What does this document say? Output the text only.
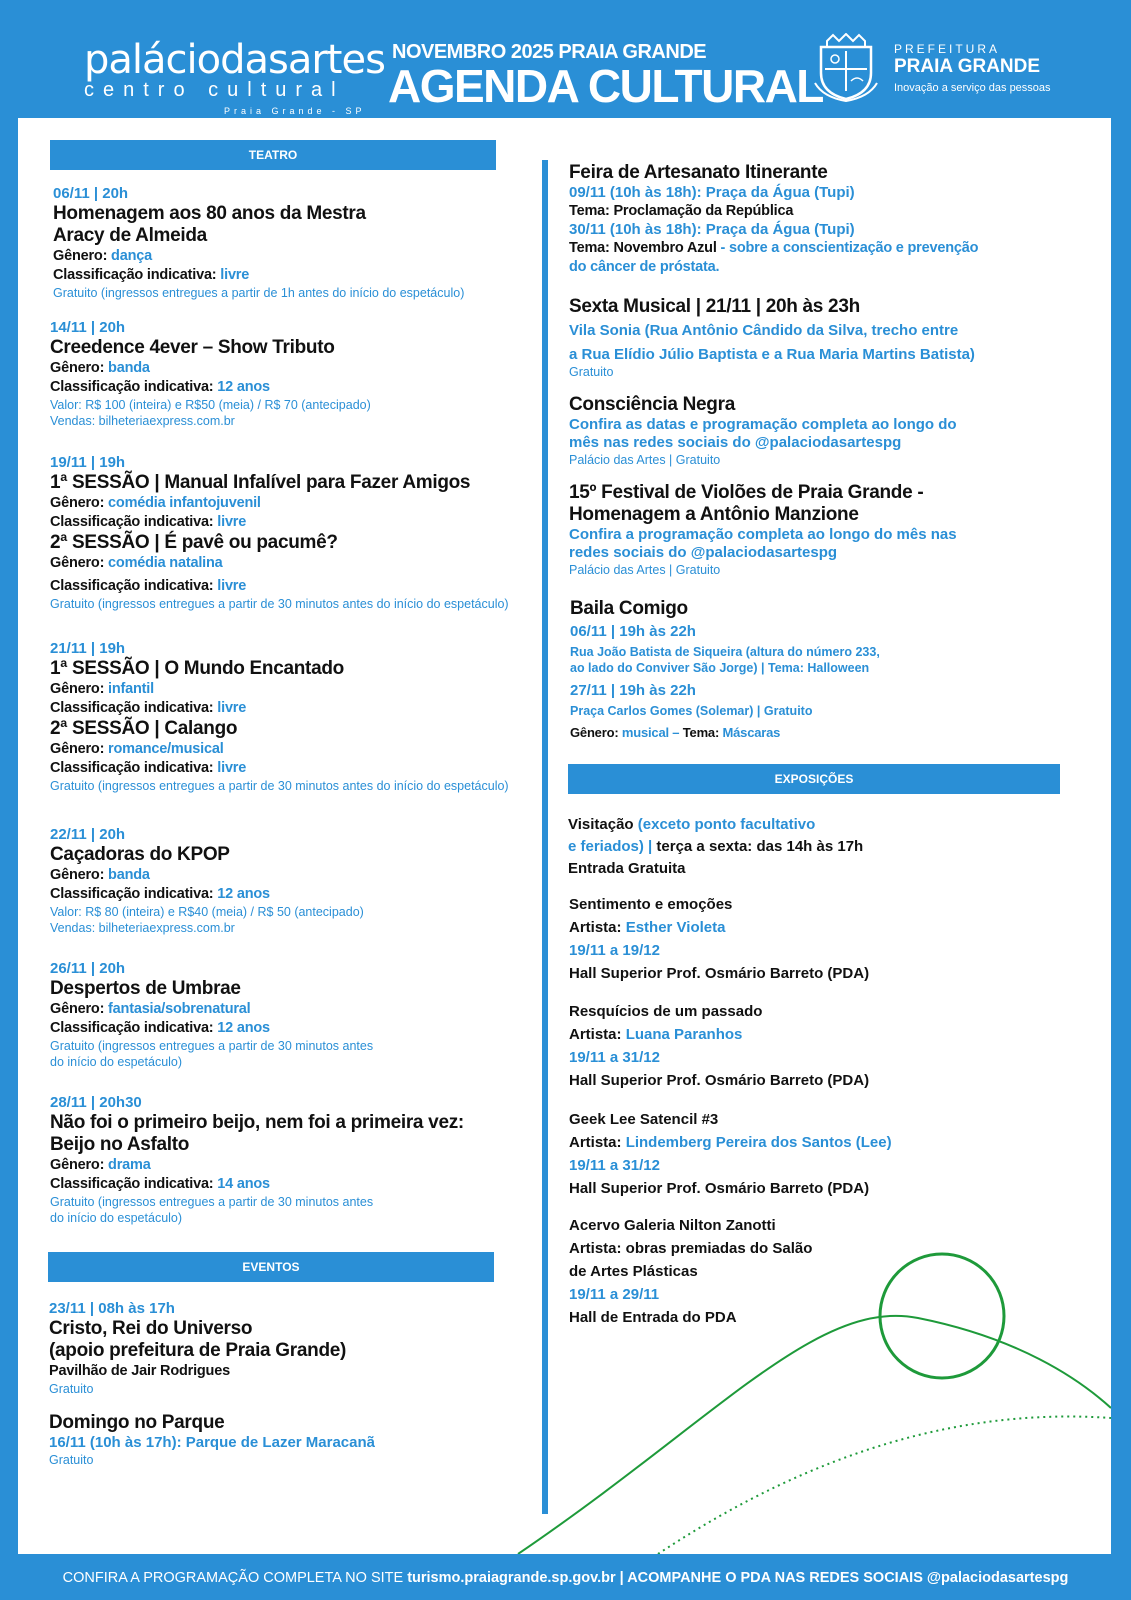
paláciodasartes
centro cultural
Praia Grande - SP
NOVEMBRO 2025 PRAIA GRANDE
AGENDA CULTURAL
PREFEITURA
PRAIA GRANDE
Inovação a serviço das pessoas
TEATRO
EVENTOS
EXPOSIÇÕES
06/11 | 20h
Homenagem aos 80 anos da Mestra
Aracy de Almeida
Gênero: dança
Classificação indicativa: livre
Gratuito (ingressos entregues a partir de 1h antes do início do espetáculo)
14/11 | 20h
Creedence 4ever – Show Tributo
Gênero: banda
Classificação indicativa: 12 anos
Valor: R$ 100 (inteira) e R$50 (meia) / R$ 70 (antecipado)
Vendas: bilheteriaexpress.com.br
19/11 | 19h
1ª SESSÃO | Manual Infalível para Fazer Amigos
Gênero: comédia infantojuvenil
Classificação indicativa: livre
2ª SESSÃO | É pavê ou pacumê?
Gênero: comédia natalina
Classificação indicativa: livre
Gratuito (ingressos entregues a partir de 30 minutos antes do início do espetáculo)
21/11 | 19h
1ª SESSÃO | O Mundo Encantado
Gênero: infantil
Classificação indicativa: livre
2ª SESSÃO | Calango
Gênero: romance/musical
Classificação indicativa: livre
Gratuito (ingressos entregues a partir de 30 minutos antes do início do espetáculo)
22/11 | 20h
Caçadoras do KPOP
Gênero: banda
Classificação indicativa: 12 anos
Valor: R$ 80 (inteira) e R$40 (meia) / R$ 50 (antecipado)
Vendas: bilheteriaexpress.com.br
26/11 | 20h
Despertos de Umbrae
Gênero: fantasia/sobrenatural
Classificação indicativa: 12 anos
Gratuito (ingressos entregues a partir de 30 minutos antes
do início do espetáculo)
28/11 | 20h30
Não foi o primeiro beijo, nem foi a primeira vez:
Beijo no Asfalto
Gênero: drama
Classificação indicativa: 14 anos
Gratuito (ingressos entregues a partir de 30 minutos antes
do início do espetáculo)
23/11 | 08h às 17h
Cristo, Rei do Universo
(apoio prefeitura de Praia Grande)
Pavilhão de Jair Rodrigues
Gratuito
Domingo no Parque
16/11 (10h às 17h): Parque de Lazer Maracanã
Gratuito
Feira de Artesanato Itinerante
09/11 (10h às 18h): Praça da Água (Tupi)
Tema: Proclamação da República
30/11 (10h às 18h): Praça da Água (Tupi)
Tema: Novembro Azul - sobre a conscientização e prevenção
do câncer de próstata.
Sexta Musical | 21/11 | 20h às 23h
Vila Sonia (Rua Antônio Cândido da Silva, trecho entre
a Rua Elídio Júlio Baptista e a Rua Maria Martins Batista)
Gratuito
Consciência Negra
Confira as datas e programação completa ao longo do
mês nas redes sociais do @palaciodasartespg
Palácio das Artes | Gratuito
15º Festival de Violões de Praia Grande -
Homenagem a Antônio Manzione
Confira a programação completa ao longo do mês nas
redes sociais do @palaciodasartespg
Palácio das Artes | Gratuito
Baila Comigo
06/11 | 19h às 22h
Rua João Batista de Siqueira (altura do número 233,
ao lado do Conviver São Jorge) | Tema: Halloween
27/11 | 19h às 22h
Praça Carlos Gomes (Solemar) | Gratuito
Gênero: musical – Tema: Máscaras
Visitação (exceto ponto facultativo
e feriados) | terça a sexta: das 14h às 17h
Entrada Gratuita
Sentimento e emoções
Artista: Esther Violeta
19/11 a 19/12
Hall Superior Prof. Osmário Barreto (PDA)
Resquícios de um passado
Artista: Luana Paranhos
19/11 a 31/12
Hall Superior Prof. Osmário Barreto (PDA)
Geek Lee Satencil #3
Artista: Lindemberg Pereira dos Santos (Lee)
19/11 a 31/12
Hall Superior Prof. Osmário Barreto (PDA)
Acervo Galeria Nilton Zanotti
Artista: obras premiadas do Salão
de Artes Plásticas
19/11 a 29/11
Hall de Entrada do PDA
CONFIRA A PROGRAMAÇÃO COMPLETA NO SITE turismo.praiagrande.sp.gov.br | ACOMPANHE O PDA NAS REDES SOCIAIS @palaciodasartespg
